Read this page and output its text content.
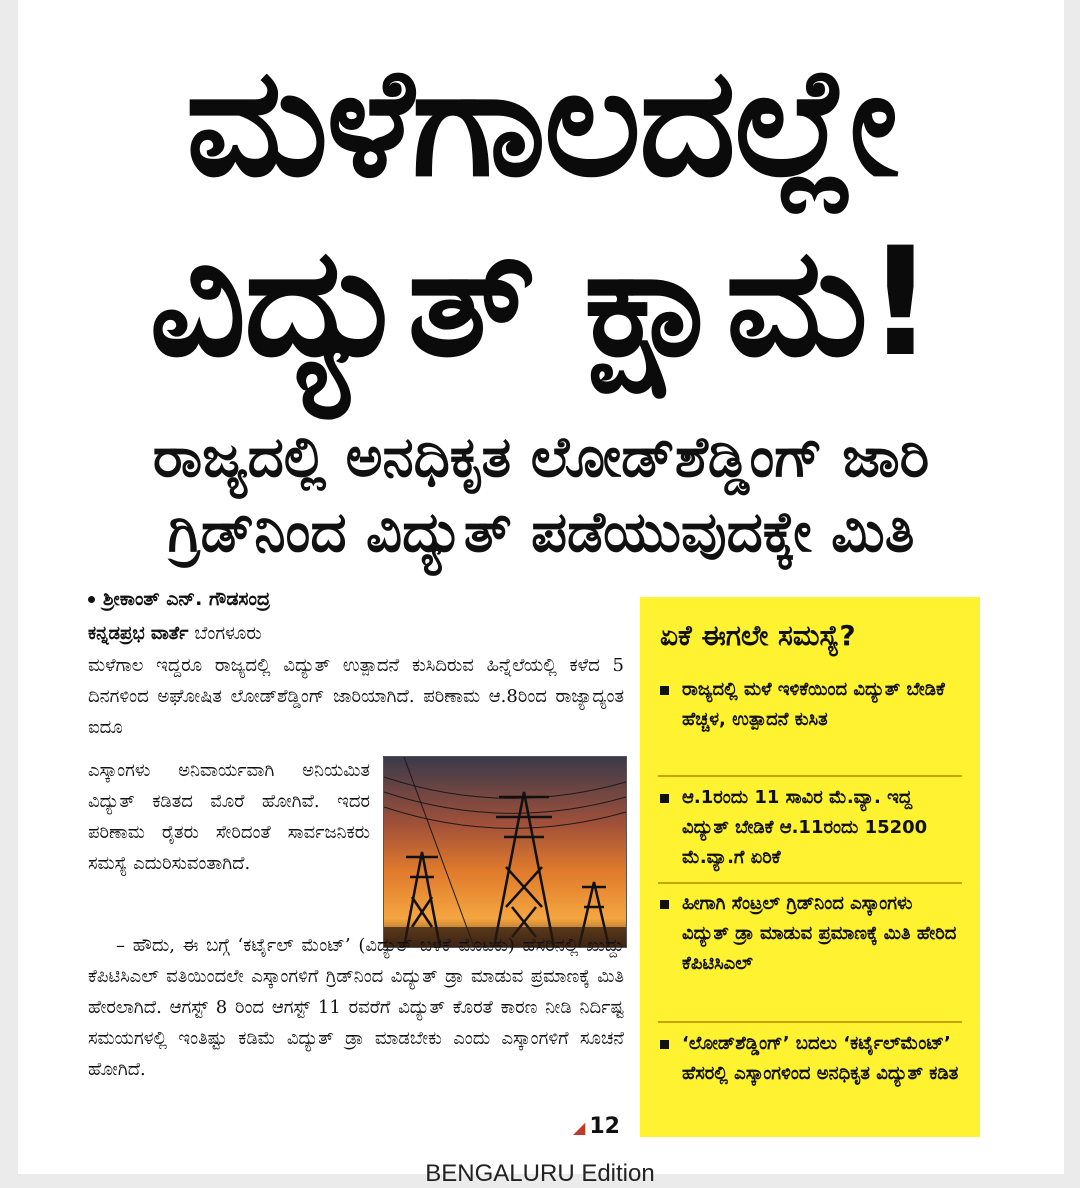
ಮಳೆಗಾಲದಲ್ಲೇ
ವಿದ್ಯುತ್ ಕ್ಷಾಮ!
ರಾಜ್ಯದಲ್ಲಿ ಅನಧಿಕೃತ ಲೋಡ್‌ಶೆಡ್ಡಿಂಗ್ ಜಾರಿ
ಗ್ರಿಡ್‌ನಿಂದ ವಿದ್ಯುತ್ ಪಡೆಯುವುದಕ್ಕೇ ಮಿತಿ
ಶ್ರೀಕಾಂತ್ ಎನ್. ಗೌಡಸಂದ್ರ
ಕನ್ನಡಪ್ರಭ ವಾರ್ತೆ ಬೆಂಗಳೂರು
ಮಳೆಗಾಲ ಇದ್ದರೂ ರಾಜ್ಯದಲ್ಲಿ ವಿದ್ಯುತ್ ಉತ್ಪಾದನೆ ಕುಸಿದಿರುವ ಹಿನ್ನೆಲೆಯಲ್ಲಿ ಕಳೆದ 5 ದಿನಗಳಿಂದ ಅಘೋಷಿತ ಲೋಡ್‌ಶೆಡ್ಡಿಂಗ್ ಜಾರಿಯಾಗಿದೆ. ಪರಿಣಾಮ ಆ.8ರಿಂದ ರಾಜ್ಯಾದ್ಯಂತ ಐದೂ
ಎಸ್ಕಾಂಗಳು ಅನಿವಾರ್ಯವಾಗಿ ಅನಿಯಮಿತ ವಿದ್ಯುತ್ ಕಡಿತದ ಮೊರೆ ಹೋಗಿವೆ. ಇದರ ಪರಿಣಾಮ ರೈತರು ಸೇರಿದಂತೆ ಸಾರ್ವಜನಿಕರು ಸಮಸ್ಯೆ ಎದುರಿಸುವಂತಾಗಿದೆ.
– ಹೌದು, ಈ ಬಗ್ಗೆ ‘ಕರ್ಟೈಲ್ ಮೆಂಟ್’ (ವಿದ್ಯುತ್ ಬಳಕೆ ಮೊಟಕು) ಹೆಸರಿನಲ್ಲಿ ಖುದ್ದು ಕೆಪಿಟಿಸಿಎಲ್ ವತಿಯಿಂದಲೇ ಎಸ್ಕಾಂಗಳಿಗೆ ಗ್ರಿಡ್‌ನಿಂದ ವಿದ್ಯುತ್ ಡ್ರಾ ಮಾಡುವ ಪ್ರಮಾಣಕ್ಕೆ ಮಿತಿ ಹೇರಲಾಗಿದೆ. ಆಗಸ್ಟ್ 8 ರಿಂದ ಆಗಸ್ಟ್ 11 ರವರೆಗೆ ವಿದ್ಯುತ್ ಕೊರತೆ ಕಾರಣ ನೀಡಿ ನಿರ್ದಿಷ್ಟ ಸಮಯಗಳಲ್ಲಿ ಇಂತಿಷ್ಟು ಕಡಿಮೆ ವಿದ್ಯುತ್ ಡ್ರಾ ಮಾಡಬೇಕು ಎಂದು ಎಸ್ಕಾಂಗಳಿಗೆ ಸೂಚನೆ ಹೋಗಿದೆ.
◢ 12
ಏಕೆ ಈಗಲೇ ಸಮಸ್ಯೆ?
ರಾಜ್ಯದಲ್ಲಿ ಮಳೆ ಇಳಿಕೆಯಿಂದ ವಿದ್ಯುತ್ ಬೇಡಿಕೆ ಹೆಚ್ಚಳ, ಉತ್ಪಾದನೆ ಕುಸಿತ
ಆ.1ರಂದು 11 ಸಾವಿರ ಮೆ.ವ್ಯಾ. ಇದ್ದ ವಿದ್ಯುತ್ ಬೇಡಿಕೆ ಆ.11ರಂದು 15200 ಮೆ.ವ್ಯಾ.ಗೆ ಏರಿಕೆ
ಹೀಗಾಗಿ ಸೆಂಟ್ರಲ್ ಗ್ರಿಡ್‌ನಿಂದ ಎಸ್ಕಾಂಗಳು ವಿದ್ಯುತ್ ಡ್ರಾ ಮಾಡುವ ಪ್ರಮಾಣಕ್ಕೆ ಮಿತಿ ಹೇರಿದ ಕೆಪಿಟಿಸಿಎಲ್
‘ಲೋಡ್‌ಶೆಡ್ಡಿಂಗ್’ ಬದಲು ‘ಕರ್ಟೈಲ್‌ಮೆಂಟ್’ ಹೆಸರಲ್ಲಿ ಎಸ್ಕಾಂಗಳಿಂದ ಅನಧಿಕೃತ ವಿದ್ಯುತ್ ಕಡಿತ
BENGALURU Edition
